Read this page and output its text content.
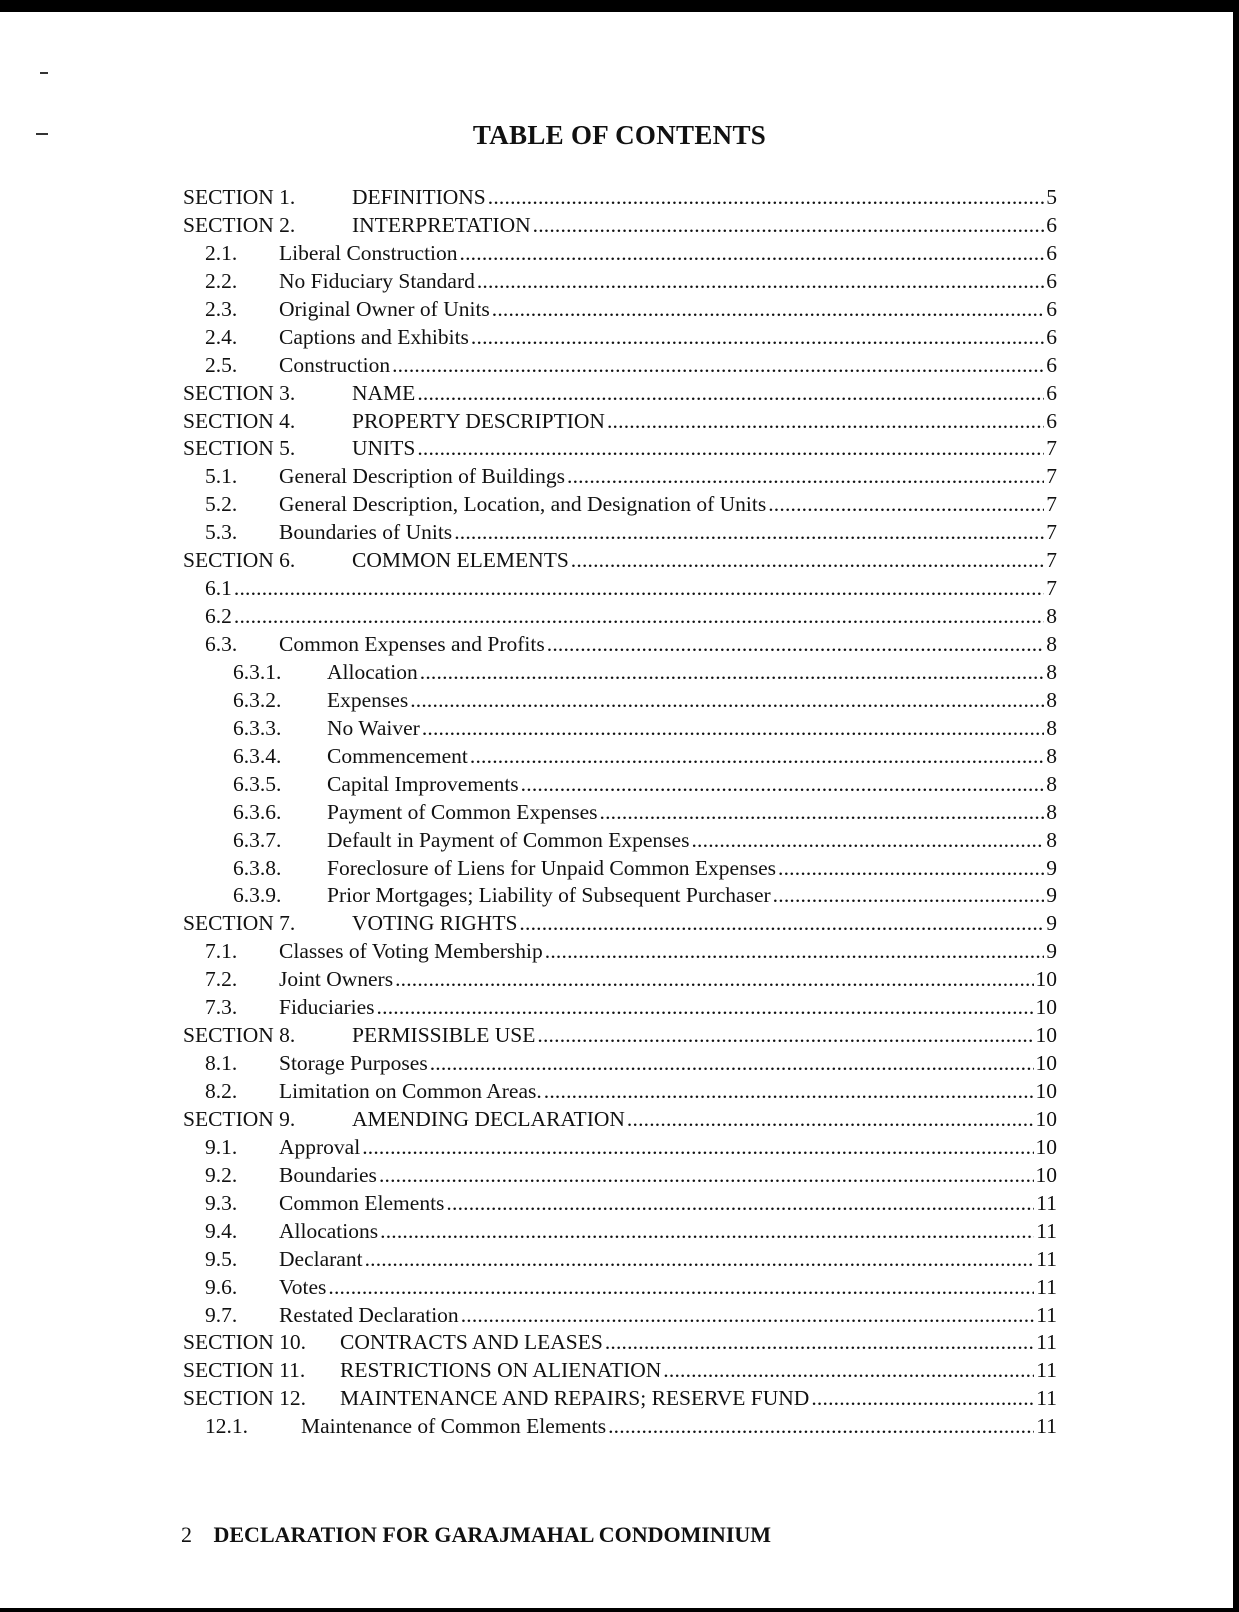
TABLE OF CONTENTS
SECTION 1.	DEFINITIONS .....	5
SECTION 2.	INTERPRETATION .....	6
2.1.	Liberal Construction .....	6
2.2.	No Fiduciary Standard .....	6
2.3.	Original Owner of Units .....	6
2.4.	Captions and Exhibits .....	6
2.5.	Construction .....	6
SECTION 3.	NAME .....	6
SECTION 4.	PROPERTY DESCRIPTION .....	6
SECTION 5.	UNITS .....	7
5.1.	General Description of Buildings .....	7
5.2.	General Description, Location, and Designation of Units .....	7
5.3.	Boundaries of Units .....	7
SECTION 6.	COMMON ELEMENTS .....	7
6.1 .....	7
6.2 .....	8
6.3.	Common Expenses and Profits .....	8
6.3.1.	Allocation .....	8
6.3.2.	Expenses .....	8
6.3.3.	No Waiver .....	8
6.3.4.	Commencement .....	8
6.3.5.	Capital Improvements .....	8
6.3.6.	Payment of Common Expenses .....	8
6.3.7.	Default in Payment of Common Expenses .....	8
6.3.8.	Foreclosure of Liens for Unpaid Common Expenses .....	9
6.3.9.	Prior Mortgages; Liability of Subsequent Purchaser .....	9
SECTION 7.	VOTING RIGHTS .....	9
7.1.	Classes of Voting Membership .....	9
7.2.	Joint Owners .....	10
7.3.	Fiduciaries .....	10
SECTION 8.	PERMISSIBLE USE .....	10
8.1.	Storage Purposes .....	10
8.2.	Limitation on Common Areas. .....	10
SECTION 9.	AMENDING DECLARATION .....	10
9.1.	Approval .....	10
9.2.	Boundaries .....	10
9.3.	Common Elements .....	11
9.4.	Allocations .....	11
9.5.	Declarant .....	11
9.6.	Votes .....	11
9.7.	Restated Declaration .....	11
SECTION 10.	CONTRACTS AND LEASES .....	11
SECTION 11.	RESTRICTIONS ON ALIENATION .....	11
SECTION 12.	MAINTENANCE AND REPAIRS; RESERVE FUND .....	11
12.1.	Maintenance of Common Elements .....	11
2 DECLARATION FOR GARAJMAHAL CONDOMINIUM
